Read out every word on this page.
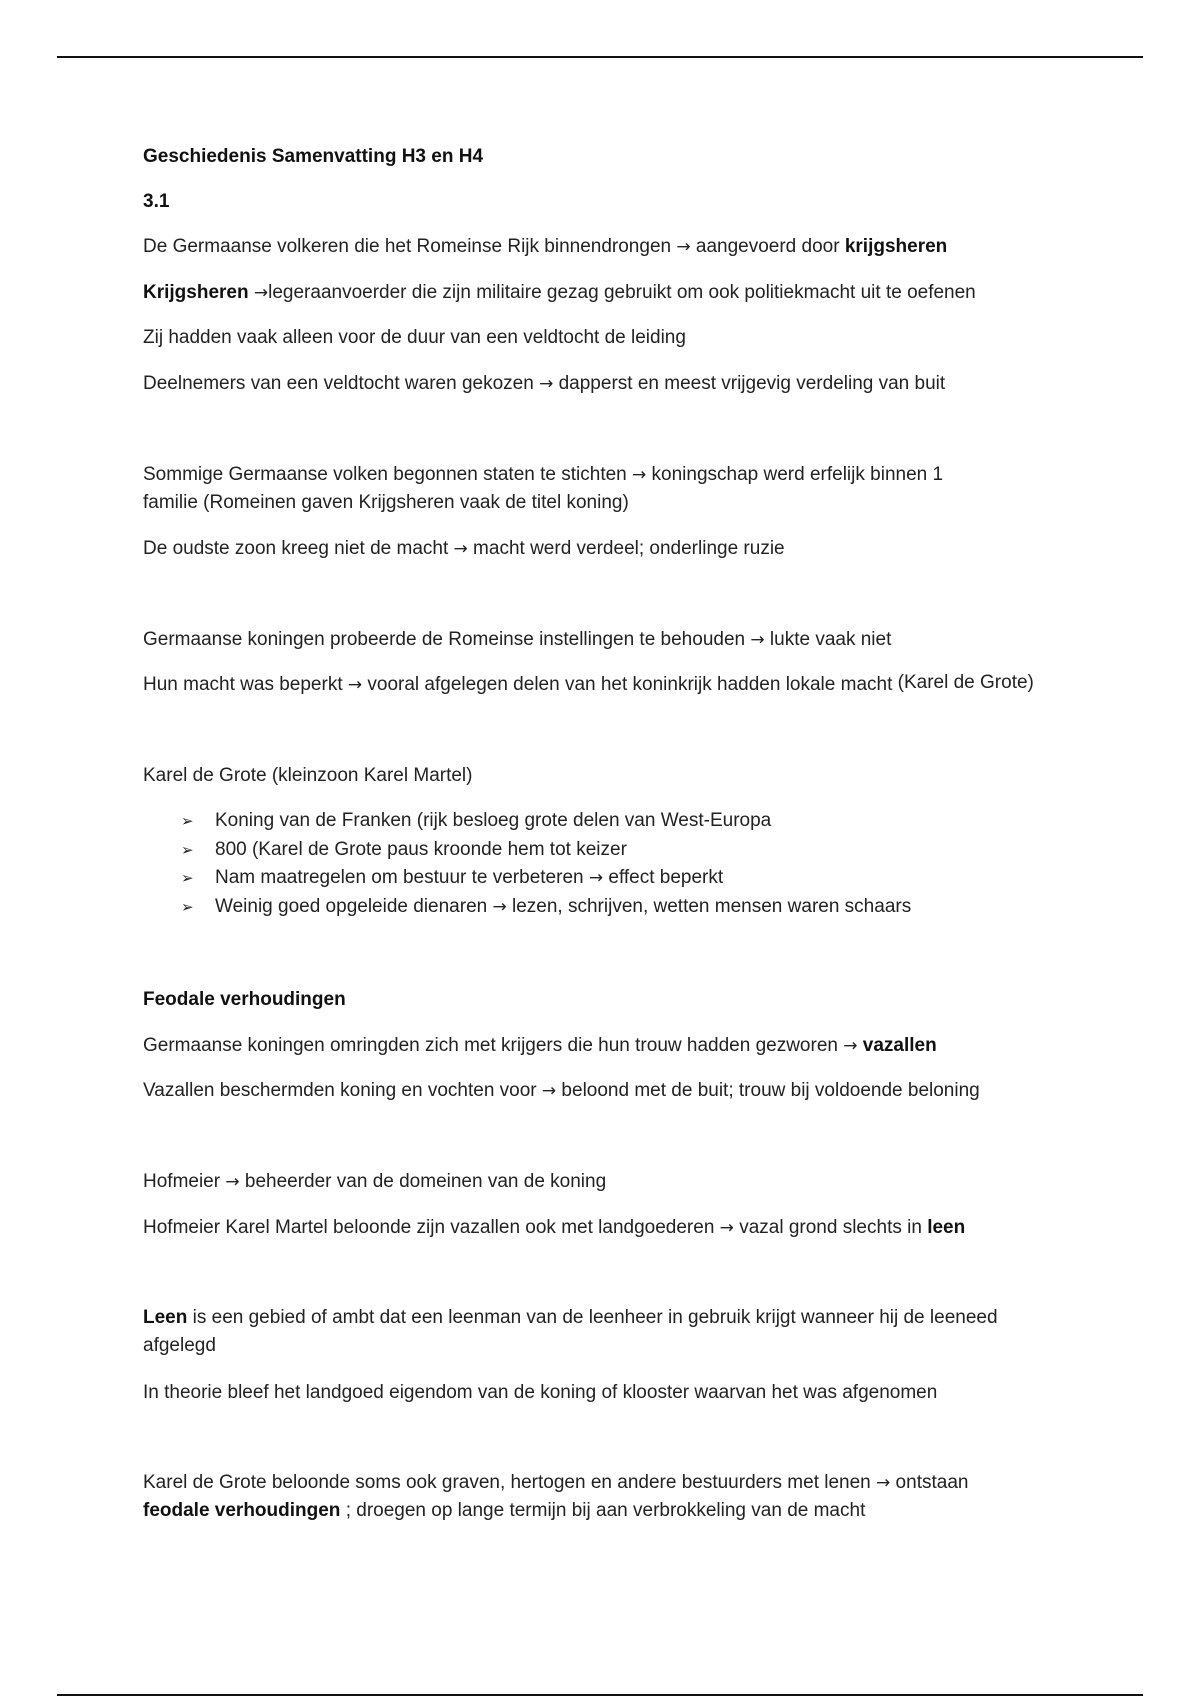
Geschiedenis Samenvatting H3 en H4

3.1

De Germaanse volkeren die het Romeinse Rijk binnendrongen → aangevoerd door krijgsheren

Krijgsheren →legeraanvoerder die zijn militaire gezag gebruikt om ook politiekmacht uit te oefenen

Zij hadden vaak alleen voor de duur van een veldtocht de leiding

Deelnemers van een veldtocht waren gekozen → dapperst en meest vrijgevig verdeling van buit

Sommige Germaanse volken begonnen staten te stichten → koningschap werd erfelijk binnen 1
familie (Romeinen gaven Krijgsheren vaak de titel koning)

De oudste zoon kreeg niet de macht → macht werd verdeel; onderlinge ruzie

Germaanse koningen probeerde de Romeinse instellingen te behouden → lukte vaak niet

Hun macht was beperkt → vooral afgelegen delen van het koninkrijk hadden lokale macht (Karel de Grote)

Karel de Grote (kleinzoon Karel Martel)

➢ Koning van de Franken (rijk besloeg grote delen van West-Europa
➢ 800 (Karel de Grote paus kroonde hem tot keizer
➢ Nam maatregelen om bestuur te verbeteren → effect beperkt
➢ Weinig goed opgeleide dienaren → lezen, schrijven, wetten mensen waren schaars

Feodale verhoudingen

Germaanse koningen omringden zich met krijgers die hun trouw hadden gezworen → vazallen

Vazallen beschermden koning en vochten voor → beloond met de buit; trouw bij voldoende beloning

Hofmeier → beheerder van de domeinen van de koning

Hofmeier Karel Martel beloonde zijn vazallen ook met landgoederen → vazal grond slechts in leen

Leen is een gebied of ambt dat een leenman van de leenheer in gebruik krijgt wanneer hij de leeneed
afgelegd

In theorie bleef het landgoed eigendom van de koning of klooster waarvan het was afgenomen

Karel de Grote beloonde soms ook graven, hertogen en andere bestuurders met lenen → ontstaan
feodale verhoudingen ; droegen op lange termijn bij aan verbrokkeling van de macht
